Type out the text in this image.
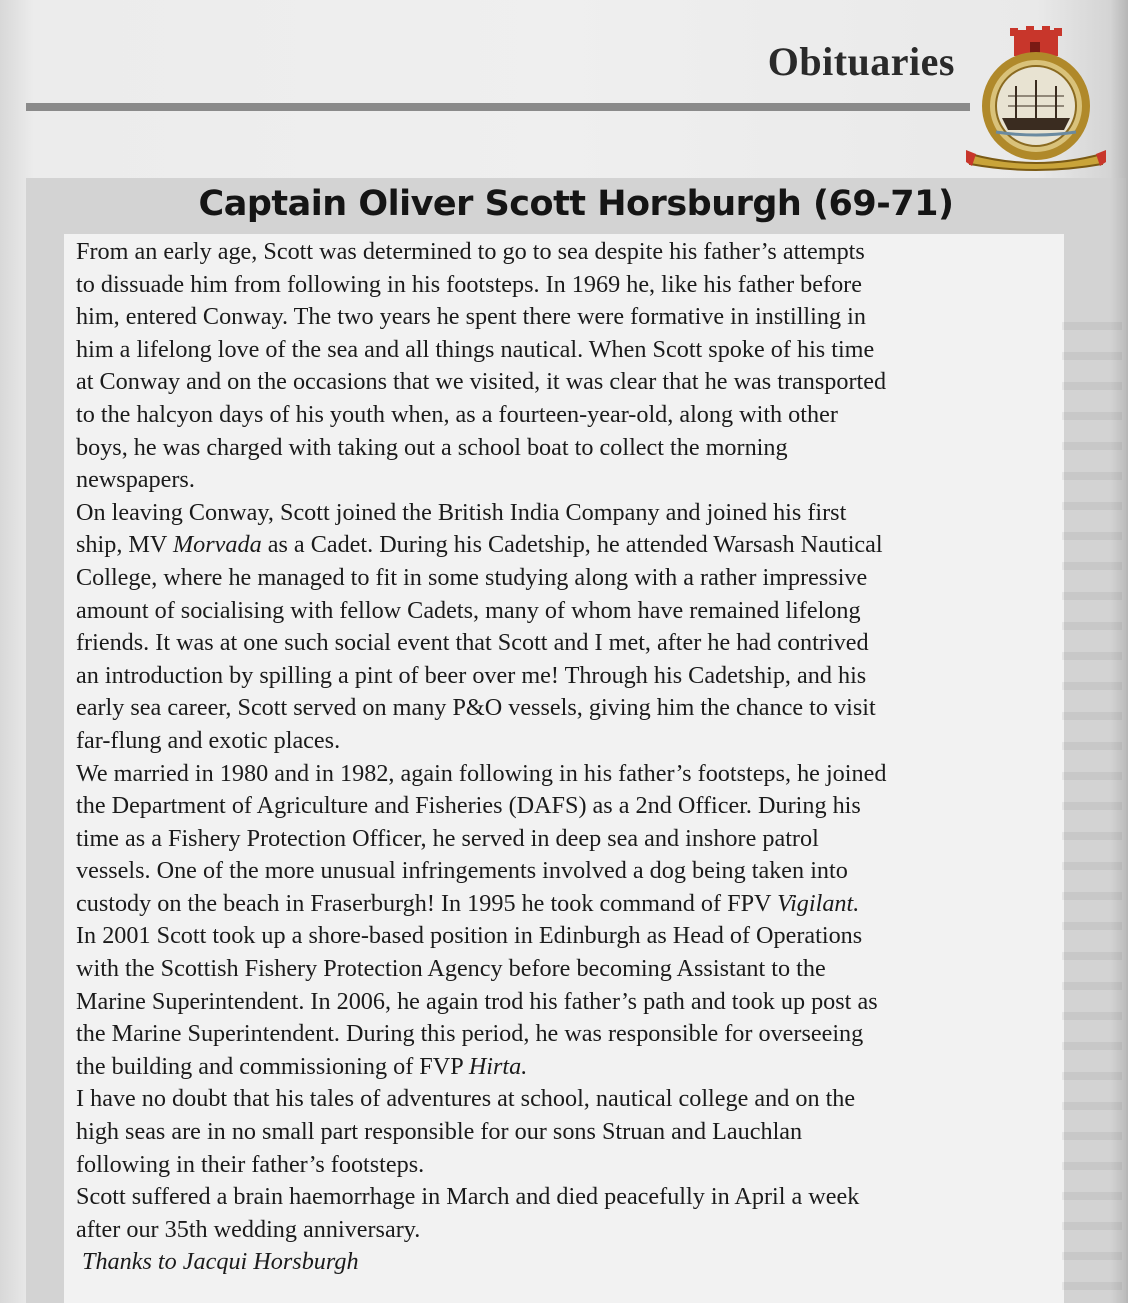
Obituaries
Captain Oliver Scott Horsburgh (69-71)

From an early age, Scott was determined to go to sea despite his father’s attempts

to dissuade him from following in his footsteps. In 1969 he, like his father before

him, entered Conway. The two years he spent there were formative in instilling in

him a lifelong love of the sea and all things nautical. When Scott spoke of his time

at Conway and on the occasions that we visited, it was clear that he was transported

to the halcyon days of his youth when, as a fourteen-year-old, along with other

boys, he was charged with taking out a school boat to collect the morning

newspapers.

On leaving Conway, Scott joined the British India Company and joined his first

ship, MV Morvada as a Cadet. During his Cadetship, he attended Warsash Nautical

College, where he managed to fit in some studying along with a rather impressive

amount of socialising with fellow Cadets, many of whom have remained lifelong

friends. It was at one such social event that Scott and I met, after he had contrived

an introduction by spilling a pint of beer over me! Through his Cadetship, and his

early sea career, Scott served on many P&O vessels, giving him the chance to visit

far-flung and exotic places.

We married in 1980 and in 1982, again following in his father’s footsteps, he joined

the Department of Agriculture and Fisheries (DAFS) as a 2nd Officer. During his

time as a Fishery Protection Officer, he served in deep sea and inshore patrol

vessels. One of the more unusual infringements involved a dog being taken into

custody on the beach in Fraserburgh! In 1995 he took command of FPV Vigilant.

In 2001 Scott took up a shore-based position in Edinburgh as Head of Operations

with the Scottish Fishery Protection Agency before becoming Assistant to the

Marine Superintendent. In 2006, he again trod his father’s path and took up post as

the Marine Superintendent. During this period, he was responsible for overseeing

the building and commissioning of FVP Hirta.

I have no doubt that his tales of adventures at school, nautical college and on the

high seas are in no small part responsible for our sons Struan and Lauchlan

following in their father’s footsteps.

Scott suffered a brain haemorrhage in March and died peacefully in April a week

after our 35th wedding anniversary.

Thanks to Jacqui Horsburgh
